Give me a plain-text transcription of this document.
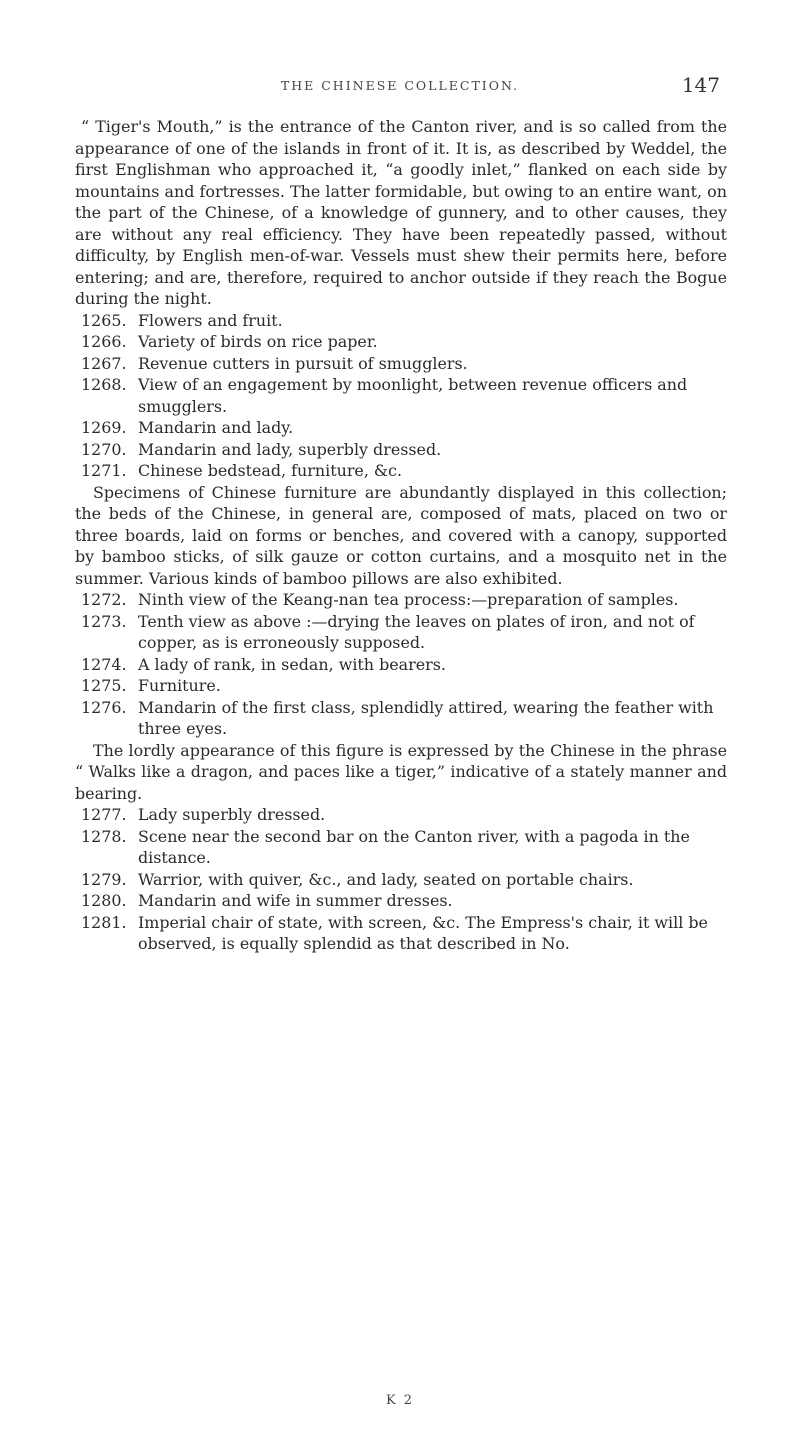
THE CHINESE COLLECTION.	147

“ Tiger's Mouth,” is the entrance of the Canton river, and is so called from the appearance of one of the islands in front of it. It is, as described by Weddel, the first Englishman who approached it, “a goodly inlet,” flanked on each side by mountains and fortresses. The latter formidable, but owing to an entire want, on the part of the Chinese, of a knowledge of gunnery, and to other causes, they are without any real efficiency. They have been repeatedly passed, without difficulty, by English men-of-war. Vessels must shew their permits here, before entering; and are, therefore, required to anchor outside if they reach the Bogue during the night.

1265. Flowers and fruit.
1266. Variety of birds on rice paper.
1267. Revenue cutters in pursuit of smugglers.
1268. View of an engagement by moonlight, between revenue officers and smugglers.
1269. Mandarin and lady.
1270. Mandarin and lady, superbly dressed.
1271. Chinese bedstead, furniture, &c.

Specimens of Chinese furniture are abundantly displayed in this collection; the beds of the Chinese, in general are, composed of mats, placed on two or three boards, laid on forms or benches, and covered with a canopy, supported by bamboo sticks, of silk gauze or cotton curtains, and a mosquito net in the summer. Various kinds of bamboo pillows are also exhibited.

1272. Ninth view of the Keang-nan tea process:—preparation of samples.
1273. Tenth view as above :—drying the leaves on plates of iron, and not of copper, as is erroneously supposed.
1274. A lady of rank, in sedan, with bearers.
1275. Furniture.
1276. Mandarin of the first class, splendidly attired, wearing the feather with three eyes.

The lordly appearance of this figure is expressed by the Chinese in the phrase “ Walks like a dragon, and paces like a tiger,” indicative of a stately manner and bearing.

1277. Lady superbly dressed.
1278. Scene near the second bar on the Canton river, with a pagoda in the distance.
1279. Warrior, with quiver, &c., and lady, seated on portable chairs.
1280. Mandarin and wife in summer dresses.
1281. Imperial chair of state, with screen, &c. The Empress's chair, it will be observed, is equally splendid as that described in No.
K 2
